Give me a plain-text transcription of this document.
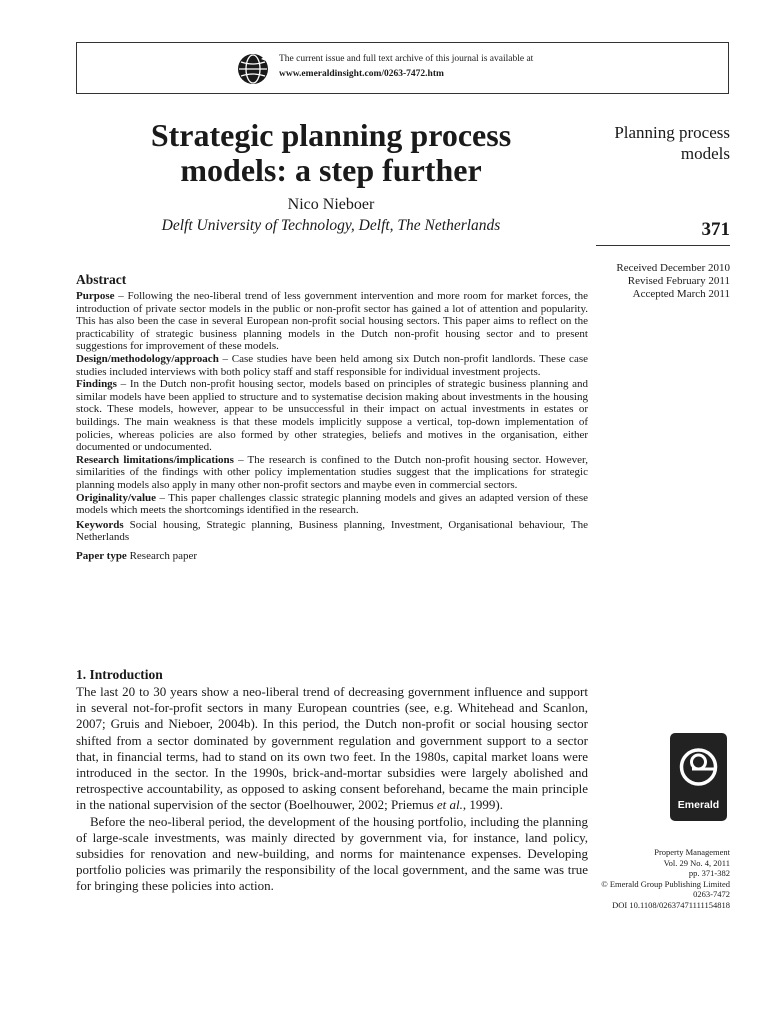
The current issue and full text archive of this journal is available at
www.emeraldinsight.com/0263-7472.htm
Strategic planning process
models: a step further
Nico Nieboer
Delft University of Technology, Delft, The Netherlands
Planning process
models
371
Received December 2010
Revised February 2011
Accepted March 2011
Abstract

Purpose – Following the neo-liberal trend of less government intervention and more room for market forces, the introduction of private sector models in the public or non-profit sector has gained a lot of attention and popularity. This has also been the case in several European non-profit social housing sectors. This paper aims to reflect on the practicability of strategic business planning models in the Dutch non-profit housing sector and to present suggestions for improvement of these models.

Design/methodology/approach – Case studies have been held among six Dutch non-profit landlords. These case studies included interviews with both policy staff and staff responsible for individual investment projects.

Findings – In the Dutch non-profit housing sector, models based on principles of strategic business planning and similar models have been applied to structure and to systematise decision making about investments in the housing stock. These models, however, appear to be unsuccessful in their impact on actual investments in estates or buildings. The main weakness is that these models implicitly suppose a vertical, top-down implementation of policies, whereas policies are also formed by other strategies, beliefs and motives in the organisation, either documented or undocumented.

Research limitations/implications – The research is confined to the Dutch non-profit housing sector. However, similarities of the findings with other policy implementation studies suggest that the implications for strategic planning models also apply in many other non-profit sectors and maybe even in commercial sectors.

Originality/value – This paper challenges classic strategic planning models and gives an adapted version of these models which meets the shortcomings identified in the research.

Keywords Social housing, Strategic planning, Business planning, Investment, Organisational behaviour, The Netherlands

Paper type Research paper

1. Introduction

The last 20 to 30 years show a neo-liberal trend of decreasing government influence and support in several not-for-profit sectors in many European countries (see, e.g. Whitehead and Scanlon, 2007; Gruis and Nieboer, 2004b). In this period, the Dutch non-profit or social housing sector shifted from a sector dominated by government regulation and government support to a sector that, in financial terms, had to stand on its own two feet. In the 1980s, capital market loans were introduced in the sector. In the 1990s, brick-and-mortar subsidies were largely abolished and retrospective accountability, as opposed to asking consent beforehand, became the main principle in the national supervision of the sector (Boelhouwer, 2002; Priemus et al., 1999).

Before the neo-liberal period, the development of the housing portfolio, including the planning of large-scale investments, was mainly directed by government via, for instance, land policy, subsidies for renovation and new-building, and norms for maintenance expenses. Developing portfolio policies was primarily the responsibility of the local government, and the same was true for bringing these policies into action.

Emerald
Property Management
Vol. 29 No. 4, 2011
pp. 371-382
© Emerald Group Publishing Limited
0263-7472
DOI 10.1108/02637471111154818
